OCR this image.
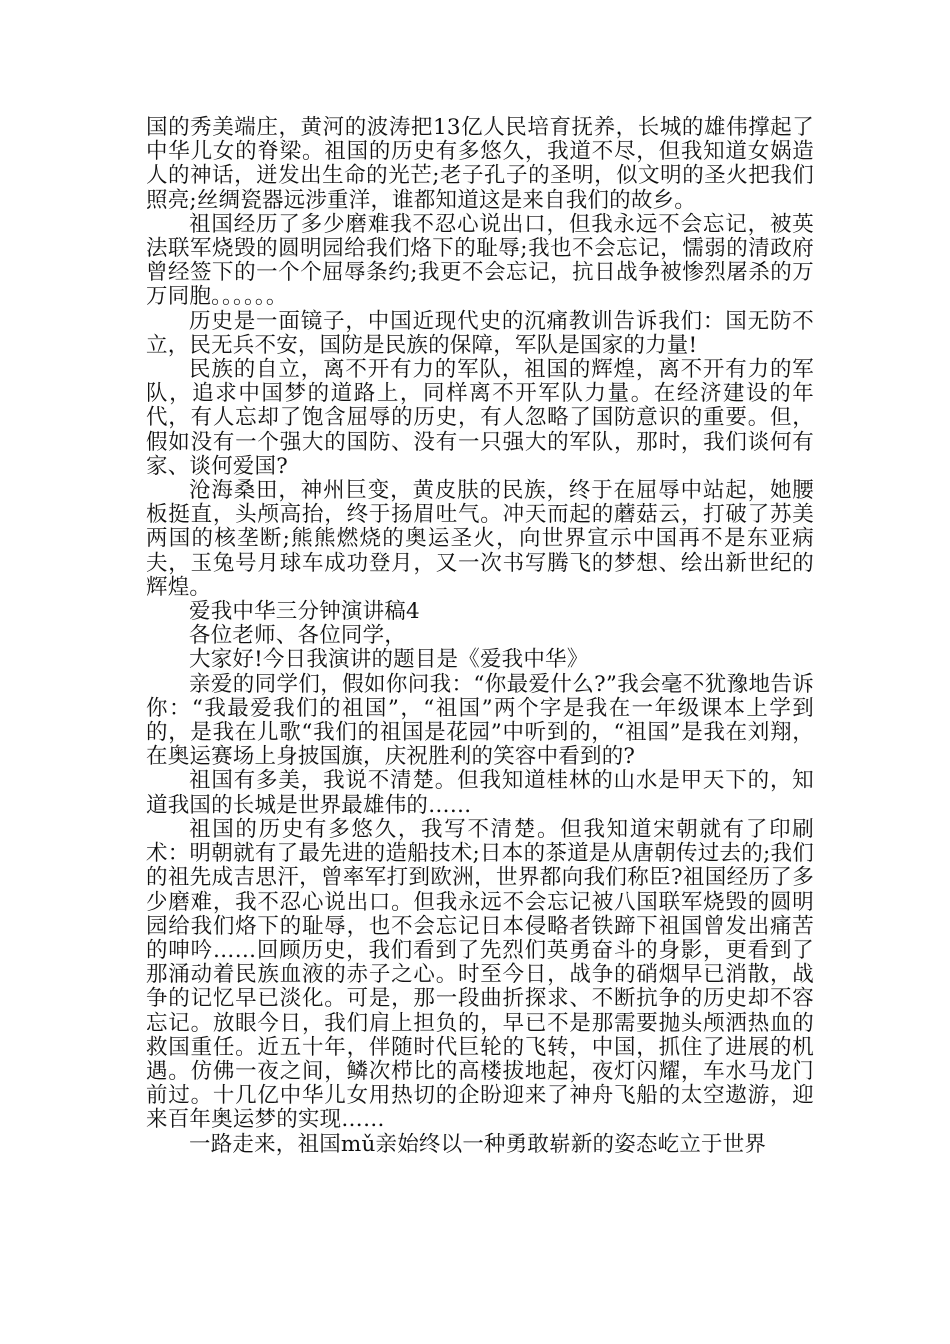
国的秀美端庄，黄河的波涛把13亿人民培育抚养，长城的雄伟撑起了中华儿女的脊梁。祖国的历史有多悠久，我道不尽，但我知道女娲造人的神话，迸发出生命的光芒;老子孔子的圣明，似文明的圣火把我们照亮;丝绸瓷器远涉重洋，谁都知道这是来自我们的故乡。

祖国经历了多少磨难我不忍心说出口，但我永远不会忘记，被英法联军烧毁的圆明园给我们烙下的耻辱;我也不会忘记，懦弱的清政府曾经签下的一个个屈辱条约;我更不会忘记，抗日战争被惨烈屠杀的万万同胞。。。。。。

历史是一面镜子，中国近现代史的沉痛教训告诉我们：国无防不立，民无兵不安，国防是民族的保障，军队是国家的力量!

民族的自立，离不开有力的军队，祖国的辉煌，离不开有力的军队，追求中国梦的道路上，同样离不开军队力量。在经济建设的年代，有人忘却了饱含屈辱的历史，有人忽略了国防意识的重要。但，假如没有一个强大的国防、没有一只强大的军队，那时，我们谈何有家、谈何爱国?

沧海桑田，神州巨变，黄皮肤的民族，终于在屈辱中站起，她腰板挺直，头颅高抬，终于扬眉吐气。冲天而起的蘑菇云，打破了苏美两国的核垄断;熊熊燃烧的奥运圣火，向世界宣示中国再不是东亚病夫，玉兔号月球车成功登月，又一次书写腾飞的梦想、绘出新世纪的辉煌。

爱我中华三分钟演讲稿4

各位老师、各位同学，

大家好!今日我演讲的题目是《爱我中华》

亲爱的同学们，假如你问我：“你最爱什么?”我会毫不犹豫地告诉你：“我最爱我们的祖国”，“祖国”两个字是我在一年级课本上学到的，是我在儿歌“我们的祖国是花园”中听到的，“祖国”是我在刘翔，在奥运赛场上身披国旗，庆祝胜利的笑容中看到的?

祖国有多美，我说不清楚。但我知道桂林的山水是甲天下的，知道我国的长城是世界最雄伟的……

祖国的历史有多悠久，我写不清楚。但我知道宋朝就有了印刷术：明朝就有了最先进的造船技术;日本的茶道是从唐朝传过去的;我们的祖先成吉思汗，曾率军打到欧洲，世界都向我们称臣?祖国经历了多少磨难，我不忍心说出口。但我永远不会忘记被八国联军烧毁的圆明园给我们烙下的耻辱，也不会忘记日本侵略者铁蹄下祖国曾发出痛苦的呻吟……回顾历史，我们看到了先烈们英勇奋斗的身影，更看到了那涌动着民族血液的赤子之心。时至今日，战争的硝烟早已消散，战争的记忆早已淡化。可是，那一段曲折探求、不断抗争的历史却不容忘记。放眼今日，我们肩上担负的，早已不是那需要抛头颅洒热血的救国重任。近五十年，伴随时代巨轮的飞转，中国，抓住了进展的机遇。仿佛一夜之间，鳞次栉比的高楼拔地起，夜灯闪耀，车水马龙门前过。十几亿中华儿女用热切的企盼迎来了神舟飞船的太空遨游，迎来百年奥运梦的实现……

一路走来，祖国mǔ亲始终以一种勇敢崭新的姿态屹立于世界
